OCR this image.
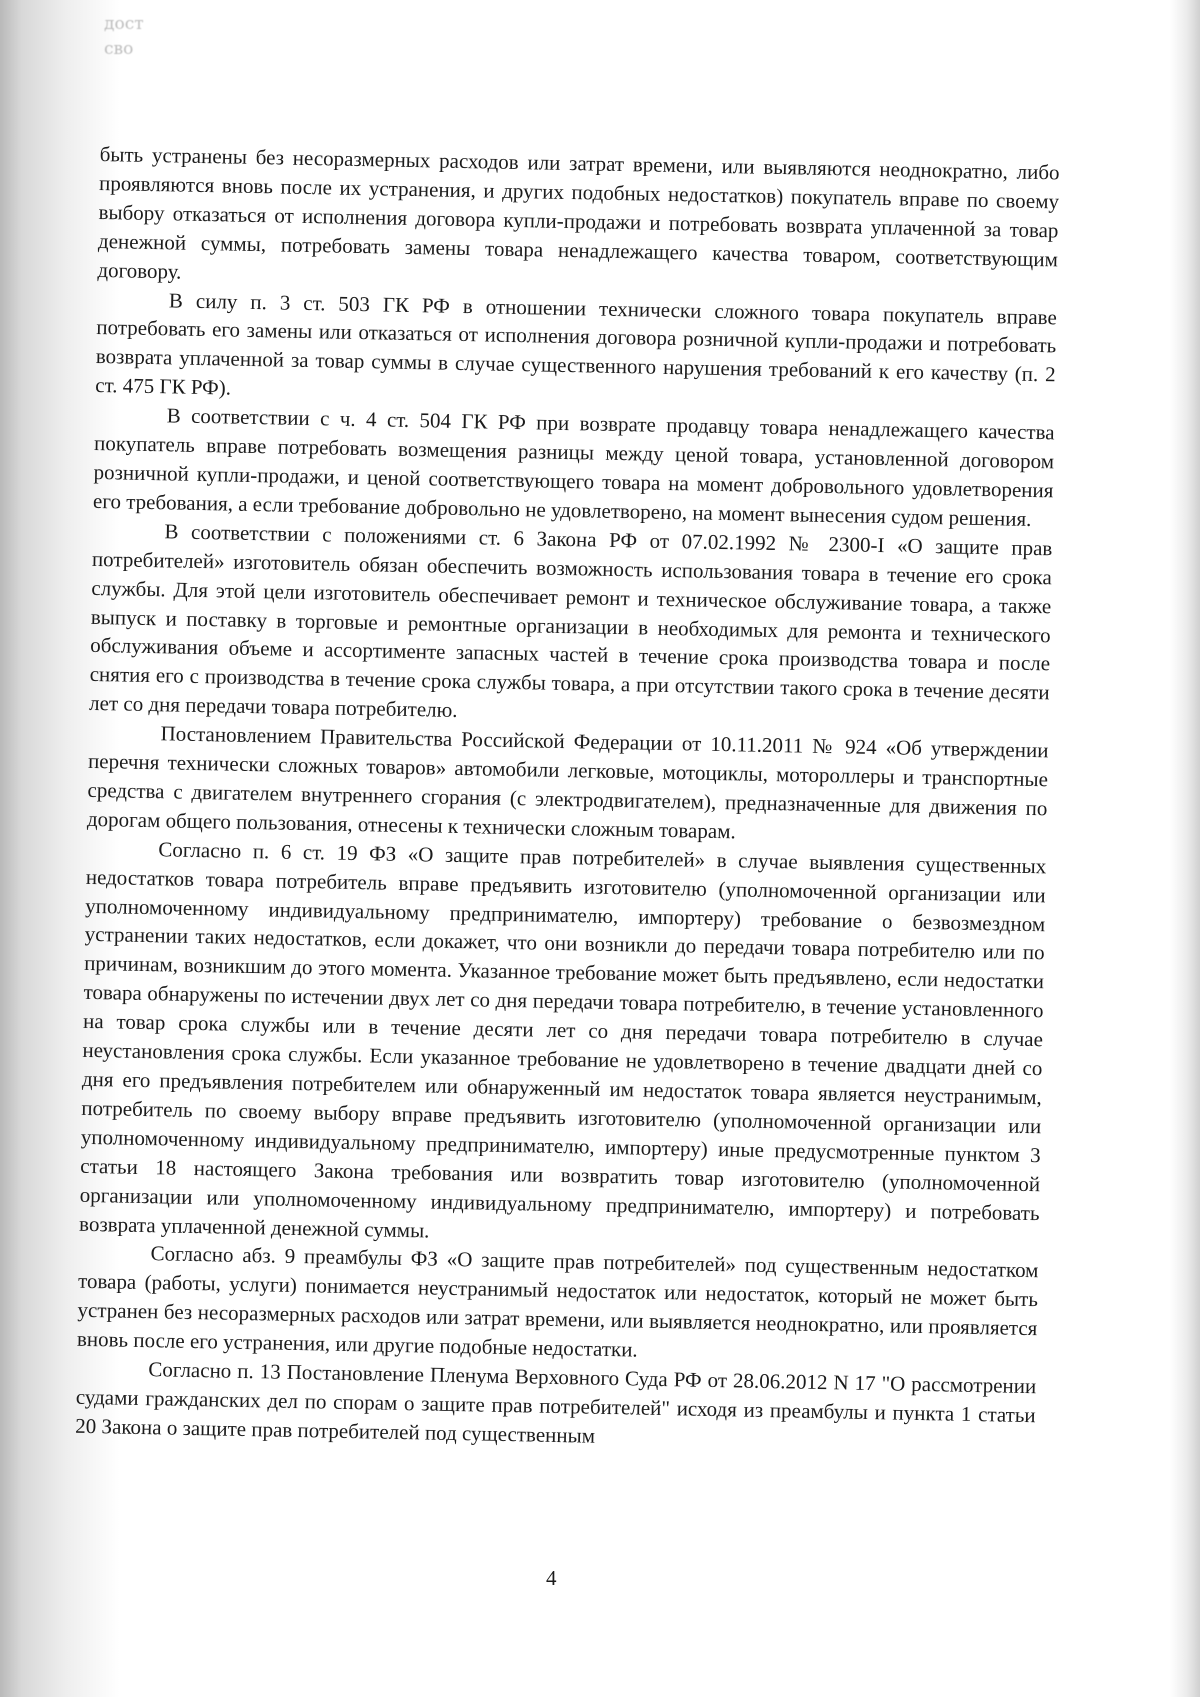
дост
сво

быть устранены без несоразмерных расходов или затрат времени, или выявляются неоднократно, либо проявляются вновь после их устранения, и других подобных недостатков) покупатель вправе по своему выбору отказаться от исполнения договора купли-продажи и потребовать возврата уплаченной за товар денежной суммы, потребовать замены товара ненадлежащего качества товаром, соответствующим договору.

В силу п. 3 ст. 503 ГК РФ в отношении технически сложного товара покупатель вправе потребовать его замены или отказаться от исполнения договора розничной купли-продажи и потребовать возврата уплаченной за товар суммы в случае существенного нарушения требований к его качеству (п. 2 ст. 475 ГК РФ).

В соответствии с ч. 4 ст. 504 ГК РФ при возврате продавцу товара ненадлежащего качества покупатель вправе потребовать возмещения разницы между ценой товара, установленной договором розничной купли-продажи, и ценой соответствующего товара на момент добровольного удовлетворения его требования, а если требование добровольно не удовлетворено, на момент вынесения судом решения.

В соответствии с положениями ст. 6 Закона РФ от 07.02.1992 № 2300-I «О защите прав потребителей» изготовитель обязан обеспечить возможность использования товара в течение его срока службы. Для этой цели изготовитель обеспечивает ремонт и техническое обслуживание товара, а также выпуск и поставку в торговые и ремонтные организации в необходимых для ремонта и технического обслуживания объеме и ассортименте запасных частей в течение срока производства товара и после снятия его с производства в течение срока службы товара, а при отсутствии такого срока в течение десяти лет со дня передачи товара потребителю.

Постановлением Правительства Российской Федерации от 10.11.2011 № 924 «Об утверждении перечня технически сложных товаров» автомобили легковые, мотоциклы, мотороллеры и транспортные средства с двигателем внутреннего сгорания (с электродвигателем), предназначенные для движения по дорогам общего пользования, отнесены к технически сложным товарам.

Согласно п. 6 ст. 19 ФЗ «О защите прав потребителей» в случае выявления существенных недостатков товара потребитель вправе предъявить изготовителю (уполномоченной организации или уполномоченному индивидуальному предпринимателю, импортеру) требование о безвозмездном устранении таких недостатков, если докажет, что они возникли до передачи товара потребителю или по причинам, возникшим до этого момента. Указанное требование может быть предъявлено, если недостатки товара обнаружены по истечении двух лет со дня передачи товара потребителю, в течение установленного на товар срока службы или в течение десяти лет со дня передачи товара потребителю в случае неустановления срока службы. Если указанное требование не удовлетворено в течение двадцати дней со дня его предъявления потребителем или обнаруженный им недостаток товара является неустранимым, потребитель по своему выбору вправе предъявить изготовителю (уполномоченной организации или уполномоченному индивидуальному предпринимателю, импортеру) иные предусмотренные пунктом 3 статьи 18 настоящего Закона требования или возвратить товар изготовителю (уполномоченной организации или уполномоченному индивидуальному предпринимателю, импортеру) и потребовать возврата уплаченной денежной суммы.

Согласно абз. 9 преамбулы ФЗ «О защите прав потребителей» под существенным недостатком товара (работы, услуги) понимается неустранимый недостаток или недостаток, который не может быть устранен без несоразмерных расходов или затрат времени, или выявляется неоднократно, или проявляется вновь после его устранения, или другие подобные недостатки.

Согласно п. 13 Постановление Пленума Верховного Суда РФ от 28.06.2012 N 17 "О рассмотрении судами гражданских дел по спорам о защите прав потребителей" исходя из преамбулы и пункта 1 статьи 20 Закона о защите прав потребителей под существенным

4
